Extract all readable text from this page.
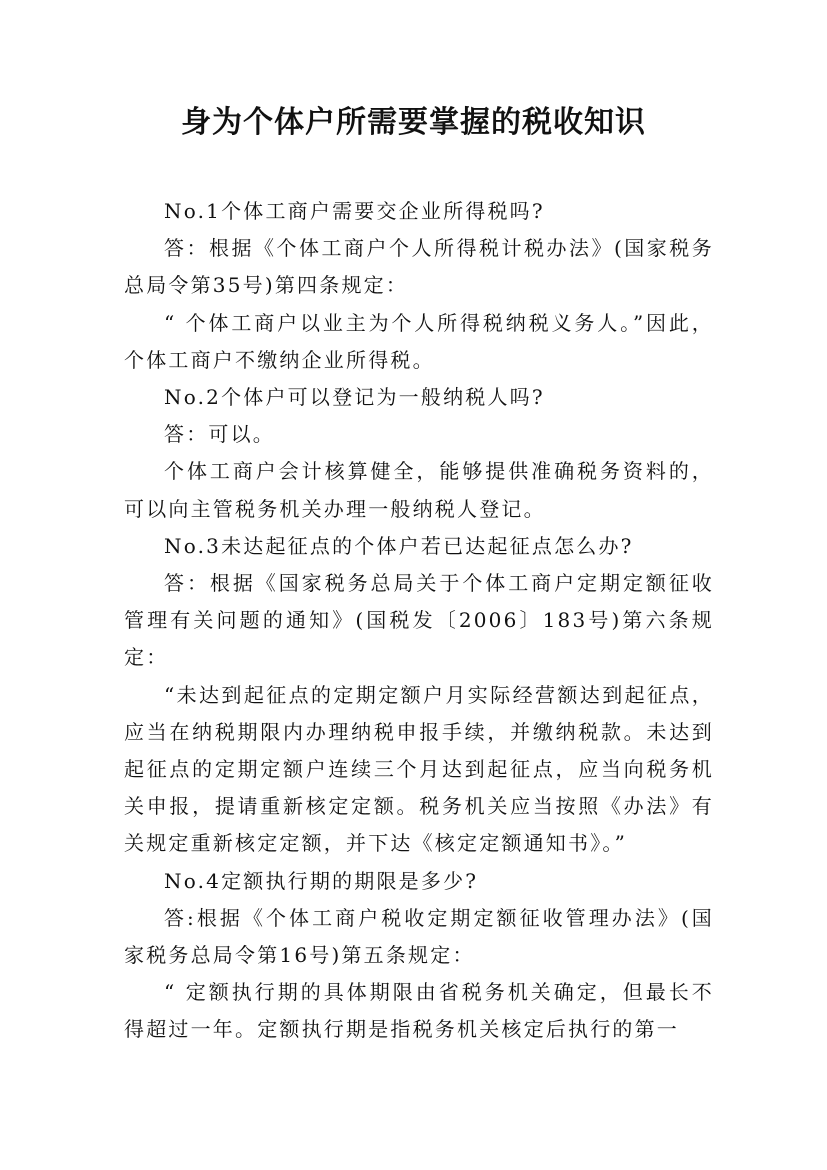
身为个体户所需要掌握的税收知识

No.1个体工商户需要交企业所得税吗?

答：根据《个体工商户个人所得税计税办法》(国家税务总局令第35号)第四条规定：

“ 个体工商户以业主为个人所得税纳税义务人。”因此，个体工商户不缴纳企业所得税。

No.2个体户可以登记为一般纳税人吗?

答：可以。

个体工商户会计核算健全，能够提供准确税务资料的，可以向主管税务机关办理一般纳税人登记。

No.3未达起征点的个体户若已达起征点怎么办?

答：根据《国家税务总局关于个体工商户定期定额征收管理有关问题的通知》(国税发〔2006〕183号)第六条规定：

“未达到起征点的定期定额户月实际经营额达到起征点，应当在纳税期限内办理纳税申报手续，并缴纳税款。未达到起征点的定期定额户连续三个月达到起征点，应当向税务机关申报，提请重新核定定额。税务机关应当按照《办法》有关规定重新核定定额，并下达《核定定额通知书》。”

No.4定额执行期的期限是多少?

答:根据《个体工商户税收定期定额征收管理办法》(国家税务总局令第16号)第五条规定：

“ 定额执行期的具体期限由省税务机关确定，但最长不得超过一年。定额执行期是指税务机关核定后执行的第一
